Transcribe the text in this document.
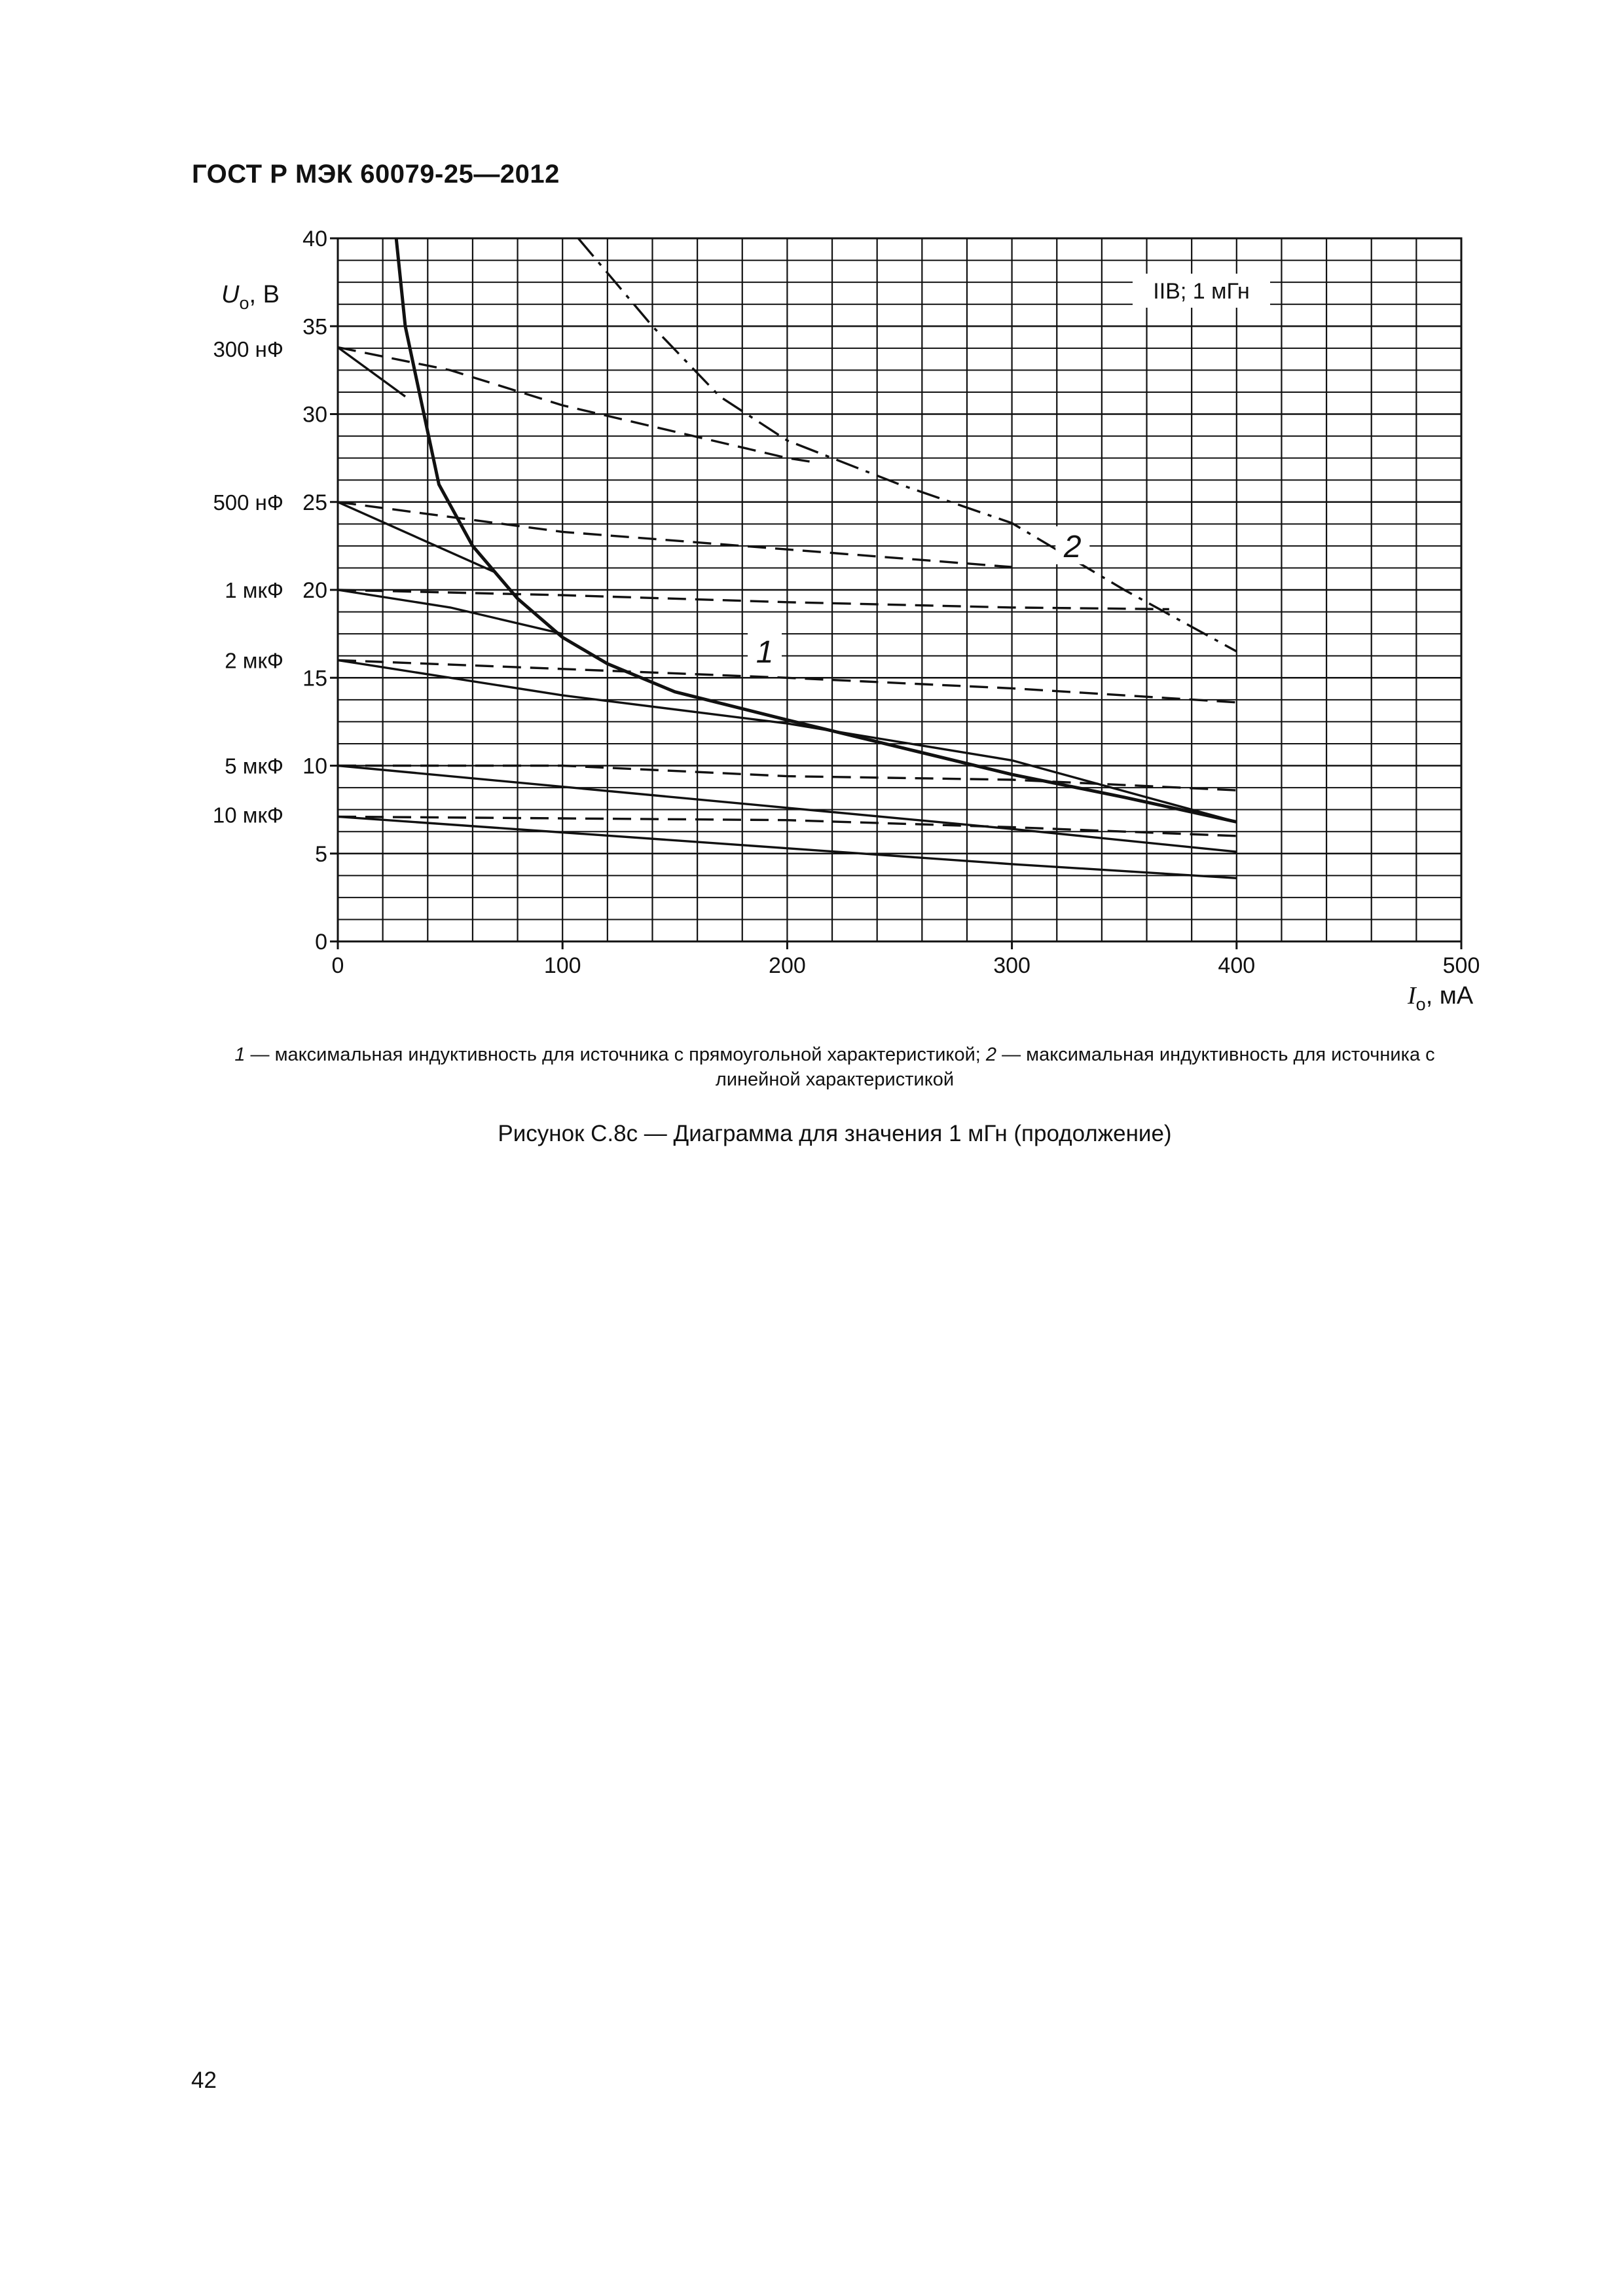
ГОСТ Р МЭК 60079-25—2012
0	100	200	300	400	500
0
5
10
15
20
25
30
35
40
$U_o$, В
$I_o$, мА
300 нФ
500 нФ
1 мкФ
2 мкФ
5 мкФ
10 мкФ
1
2
IIB; 1 мГн
1 — максимальная индуктивность для источника с прямоугольной характеристикой; 2 — максимальная индуктивность для источника с линейной характеристикой
Рисунок С.8с — Диаграмма для значения 1 мГн (продолжение)
42
